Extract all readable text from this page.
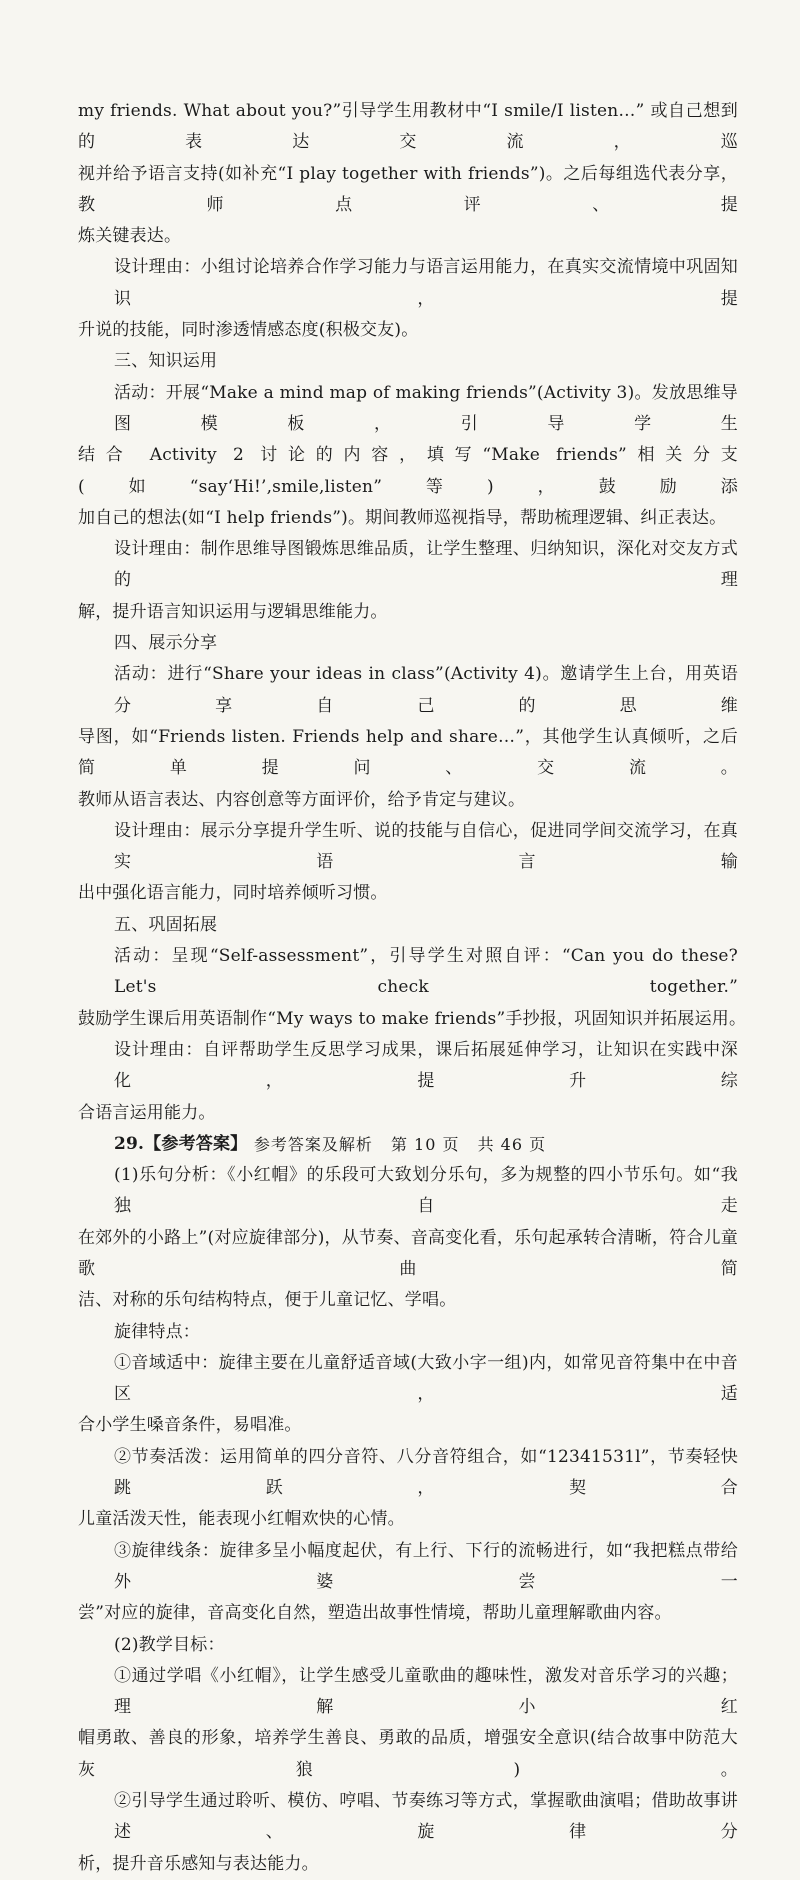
my friends. What about you?”引导学生用教材中“I smile/I listen…” 或自己想到的表达交流，巡
视并给予语言支持(如补充“I play together with friends”)。之后每组选代表分享，教师点评、提
炼关键表达。
设计理由：小组讨论培养合作学习能力与语言运用能力，在真实交流情境中巩固知识，提
升说的技能，同时渗透情感态度(积极交友)。
三、知识运用
活动：开展“Make a mind map of making friends”(Activity 3)。发放思维导图模板，引导学生
结合 Activity 2 讨论的内容，填写“Make friends”相关分支(如“say‘Hi!’,smile,listen”等)，鼓励添
加自己的想法(如“I help friends”)。期间教师巡视指导，帮助梳理逻辑、纠正表达。
设计理由：制作思维导图锻炼思维品质，让学生整理、归纳知识，深化对交友方式的理
解，提升语言知识运用与逻辑思维能力。
四、展示分享
活动：进行“Share your ideas in class”(Activity 4)。邀请学生上台，用英语分享自己的思维
导图，如“Friends listen. Friends help and share…”，其他学生认真倾听，之后简单提问、交流。
教师从语言表达、内容创意等方面评价，给予肯定与建议。
设计理由：展示分享提升学生听、说的技能与自信心，促进同学间交流学习，在真实语言输
出中强化语言能力，同时培养倾听习惯。
五、巩固拓展
活动：呈现“Self-assessment”，引导学生对照自评：“Can you do these? Let's check together.”
鼓励学生课后用英语制作“My ways to make friends”手抄报，巩固知识并拓展运用。
设计理由：自评帮助学生反思学习成果，课后拓展延伸学习，让知识在实践中深化，提升综
合语言运用能力。
29.【参考答案】
(1)乐句分析：《小红帽》的乐段可大致划分乐句，多为规整的四小节乐句。如“我独自走
在郊外的小路上”(对应旋律部分)，从节奏、音高变化看，乐句起承转合清晰，符合儿童歌曲简
洁、对称的乐句结构特点，便于儿童记忆、学唱。
旋律特点：
①音域适中：旋律主要在儿童舒适音域(大致小字一组)内，如常见音符集中在中音区，适
合小学生嗓音条件，易唱准。
②节奏活泼：运用简单的四分音符、八分音符组合，如“12341531l”，节奏轻快跳跃，契合
儿童活泼天性，能表现小红帽欢快的心情。
③旋律线条：旋律多呈小幅度起伏，有上行、下行的流畅进行，如“我把糕点带给外婆尝一
尝”对应的旋律，音高变化自然，塑造出故事性情境，帮助儿童理解歌曲内容。
(2)教学目标：
①通过学唱《小红帽》，让学生感受儿童歌曲的趣味性，激发对音乐学习的兴趣；理解小红
帽勇敢、善良的形象，培养学生善良、勇敢的品质，增强安全意识(结合故事中防范大灰狼)。
②引导学生通过聆听、模仿、哼唱、节奏练习等方式，掌握歌曲演唱；借助故事讲述、旋律分
析，提升音乐感知与表达能力。
参考答案及解析 第 10 页 共 46 页
